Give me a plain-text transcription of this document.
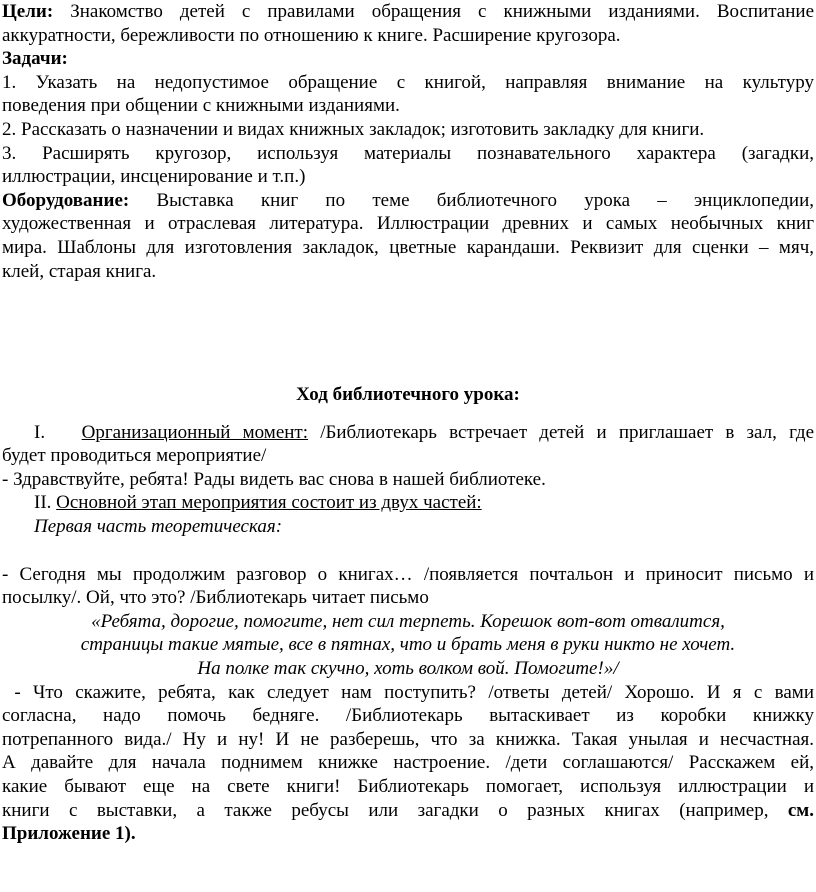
Цели: Знакомство детей с правилами обращения с книжными изданиями. Воспитание

аккуратности, бережливости по отношению к книге. Расширение кругозора.

Задачи:

1. Указать на недопустимое обращение с книгой, направляя внимание на культуру

поведения при общении с книжными изданиями.

2. Рассказать о назначении и видах книжных закладок; изготовить закладку для книги.

3. Расширять кругозор, используя материалы познавательного характера (загадки,

иллюстрации, инсценирование и т.п.)

Оборудование: Выставка книг по теме библиотечного урока – энциклопедии,

художественная и отраслевая литература. Иллюстрации древних и самых необычных книг

мира. Шаблоны для изготовления закладок, цветные карандаши. Реквизит для сценки – мяч,

клей, старая книга.

Ход библиотечного урока:

I. Организационный момент: /Библиотекарь встречает детей и приглашает в зал, где

будет проводиться мероприятие/

- Здравствуйте, ребята! Рады видеть вас снова в нашей библиотеке.

II. Основной этап мероприятия состоит из двух частей:

Первая часть теоретическая:

- Сегодня мы продолжим разговор о книгах… /появляется почтальон и приносит письмо и

посылку/. Ой, что это? /Библиотекарь читает письмо

«Ребята, дорогие, помогите, нет сил терпеть. Корешок вот-вот отвалится,

страницы такие мятые, все в пятнах, что и брать меня в руки никто не хочет.

На полке так скучно, хоть волком вой. Помогите!»/

- Что скажите, ребята, как следует нам поступить? /ответы детей/ Хорошо. И я с вами

согласна, надо помочь бедняге. /Библиотекарь вытаскивает из коробки книжку

потрепанного вида./ Ну и ну! И не разберешь, что за книжка. Такая унылая и несчастная.

А давайте для начала поднимем книжке настроение. /дети соглашаются/ Расскажем ей,

какие бывают еще на свете книги! Библиотекарь помогает, используя иллюстрации и

книги с выставки, а также ребусы или загадки о разных книгах (например, см.

Приложение 1).
